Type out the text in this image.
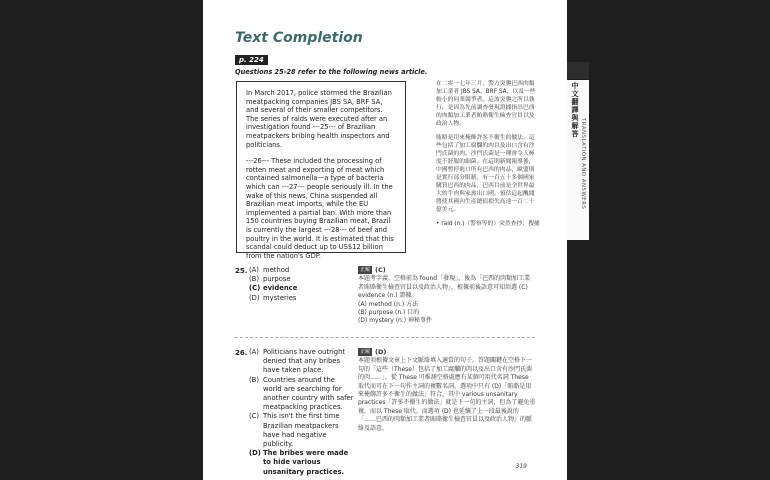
Text Completion
p. 224
Questions 25-28 refer to the following news article.

In March 2017, police stormed the Brazilian meatpacking companies JBS SA, BRF SA, and several of their smaller competitors. The series of raids were executed after an investigation found ---25--- of Brazilian meatpackers bribing health inspectors and politicians.

---26--- These included the processing of rotten meat and exporting of meat which contained salmonella—a type of bacteria which can ---27--- people seriously ill. In the wake of this news, China suspended all Brazilian meat imports, while the EU implemented a partial ban. With more than 150 countries buying Brazilian meat, Brazil is currently the largest ---28--- of beef and poultry in the world. It is estimated that this scandal could deduct up to US$12 billion from the nation's GDP.

在二零一七年三月，警方突襲巴西肉類加工業者 JBS SA、BRF SA，以及一些較小的同業競爭者。這波突襲之所以執行，是因為先前調查發現證據指出巴西的肉類加工業者賄賂衛生檢查官員以及政治人物。

賄賂是用來掩飾許多不衛生的做法。這些包括了加工腐爛的肉以及出口含有沙門氏菌的肉。沙門氏菌是一種會令人極度不舒服的細菌。在這則新聞報導後，中國暫停進口所有巴西的肉品，歐盟則是實行部分限制。有一百五十多個國家購買巴西的肉品，巴西目前是全世界最大的牛肉與家禽出口國。預估這起醜聞將使其國內生產總值損失高達一百二十億美元。

• raid (n.)（警察等的）突然查抄；搜捕

25. (A) method
(B) purpose
(C) evidence
(D) mysteries

正解 (C)

本題考字義，空格前為 found「發現」，後為「巴西的肉類加工業者賄賂衛生檢查官員以及政治人物」，根據前後語意可知須選 (C) evidence (n.) 證據。

(A) method (n.) 方法

(B) purpose (n.) 目的

(D) mystery (n.) 神秘事件

26. (A) Politicians have outright denied that any bribes have taken place.
(B) Countries around the world are searching for another country with safer meatpacking practices.
(C) This isn't the first time Brazilian meatpackers have had negative publicity.
(D) The bribes were made to hide various unsanitary practices.

正解 (D)

本題須根據文章上下文脈絡填入適當的句子。答題關鍵在空格下一句的「這些（These）包括了加工腐爛的肉以及出口含有沙門氏菌的肉……」，從 These 可推測空格處應有某個可用代名詞 These 取代而可在下一句作主詞的複數名詞，選項中只有 (D)「賄賂是用來掩飾許多不衛生的做法」符合，其中 various unsanitary practices「許多不衛生的做法」就是下一句的主詞，但為了避免重複，而以 These 取代。而選項 (D) 也延續了上一段最後說的「……巴西的肉類加工業者賄賂衛生檢查官員以及政治人物」的脈絡及語意。

319
中文翻譯與解答
TRANSLATION AND ANSWERS
